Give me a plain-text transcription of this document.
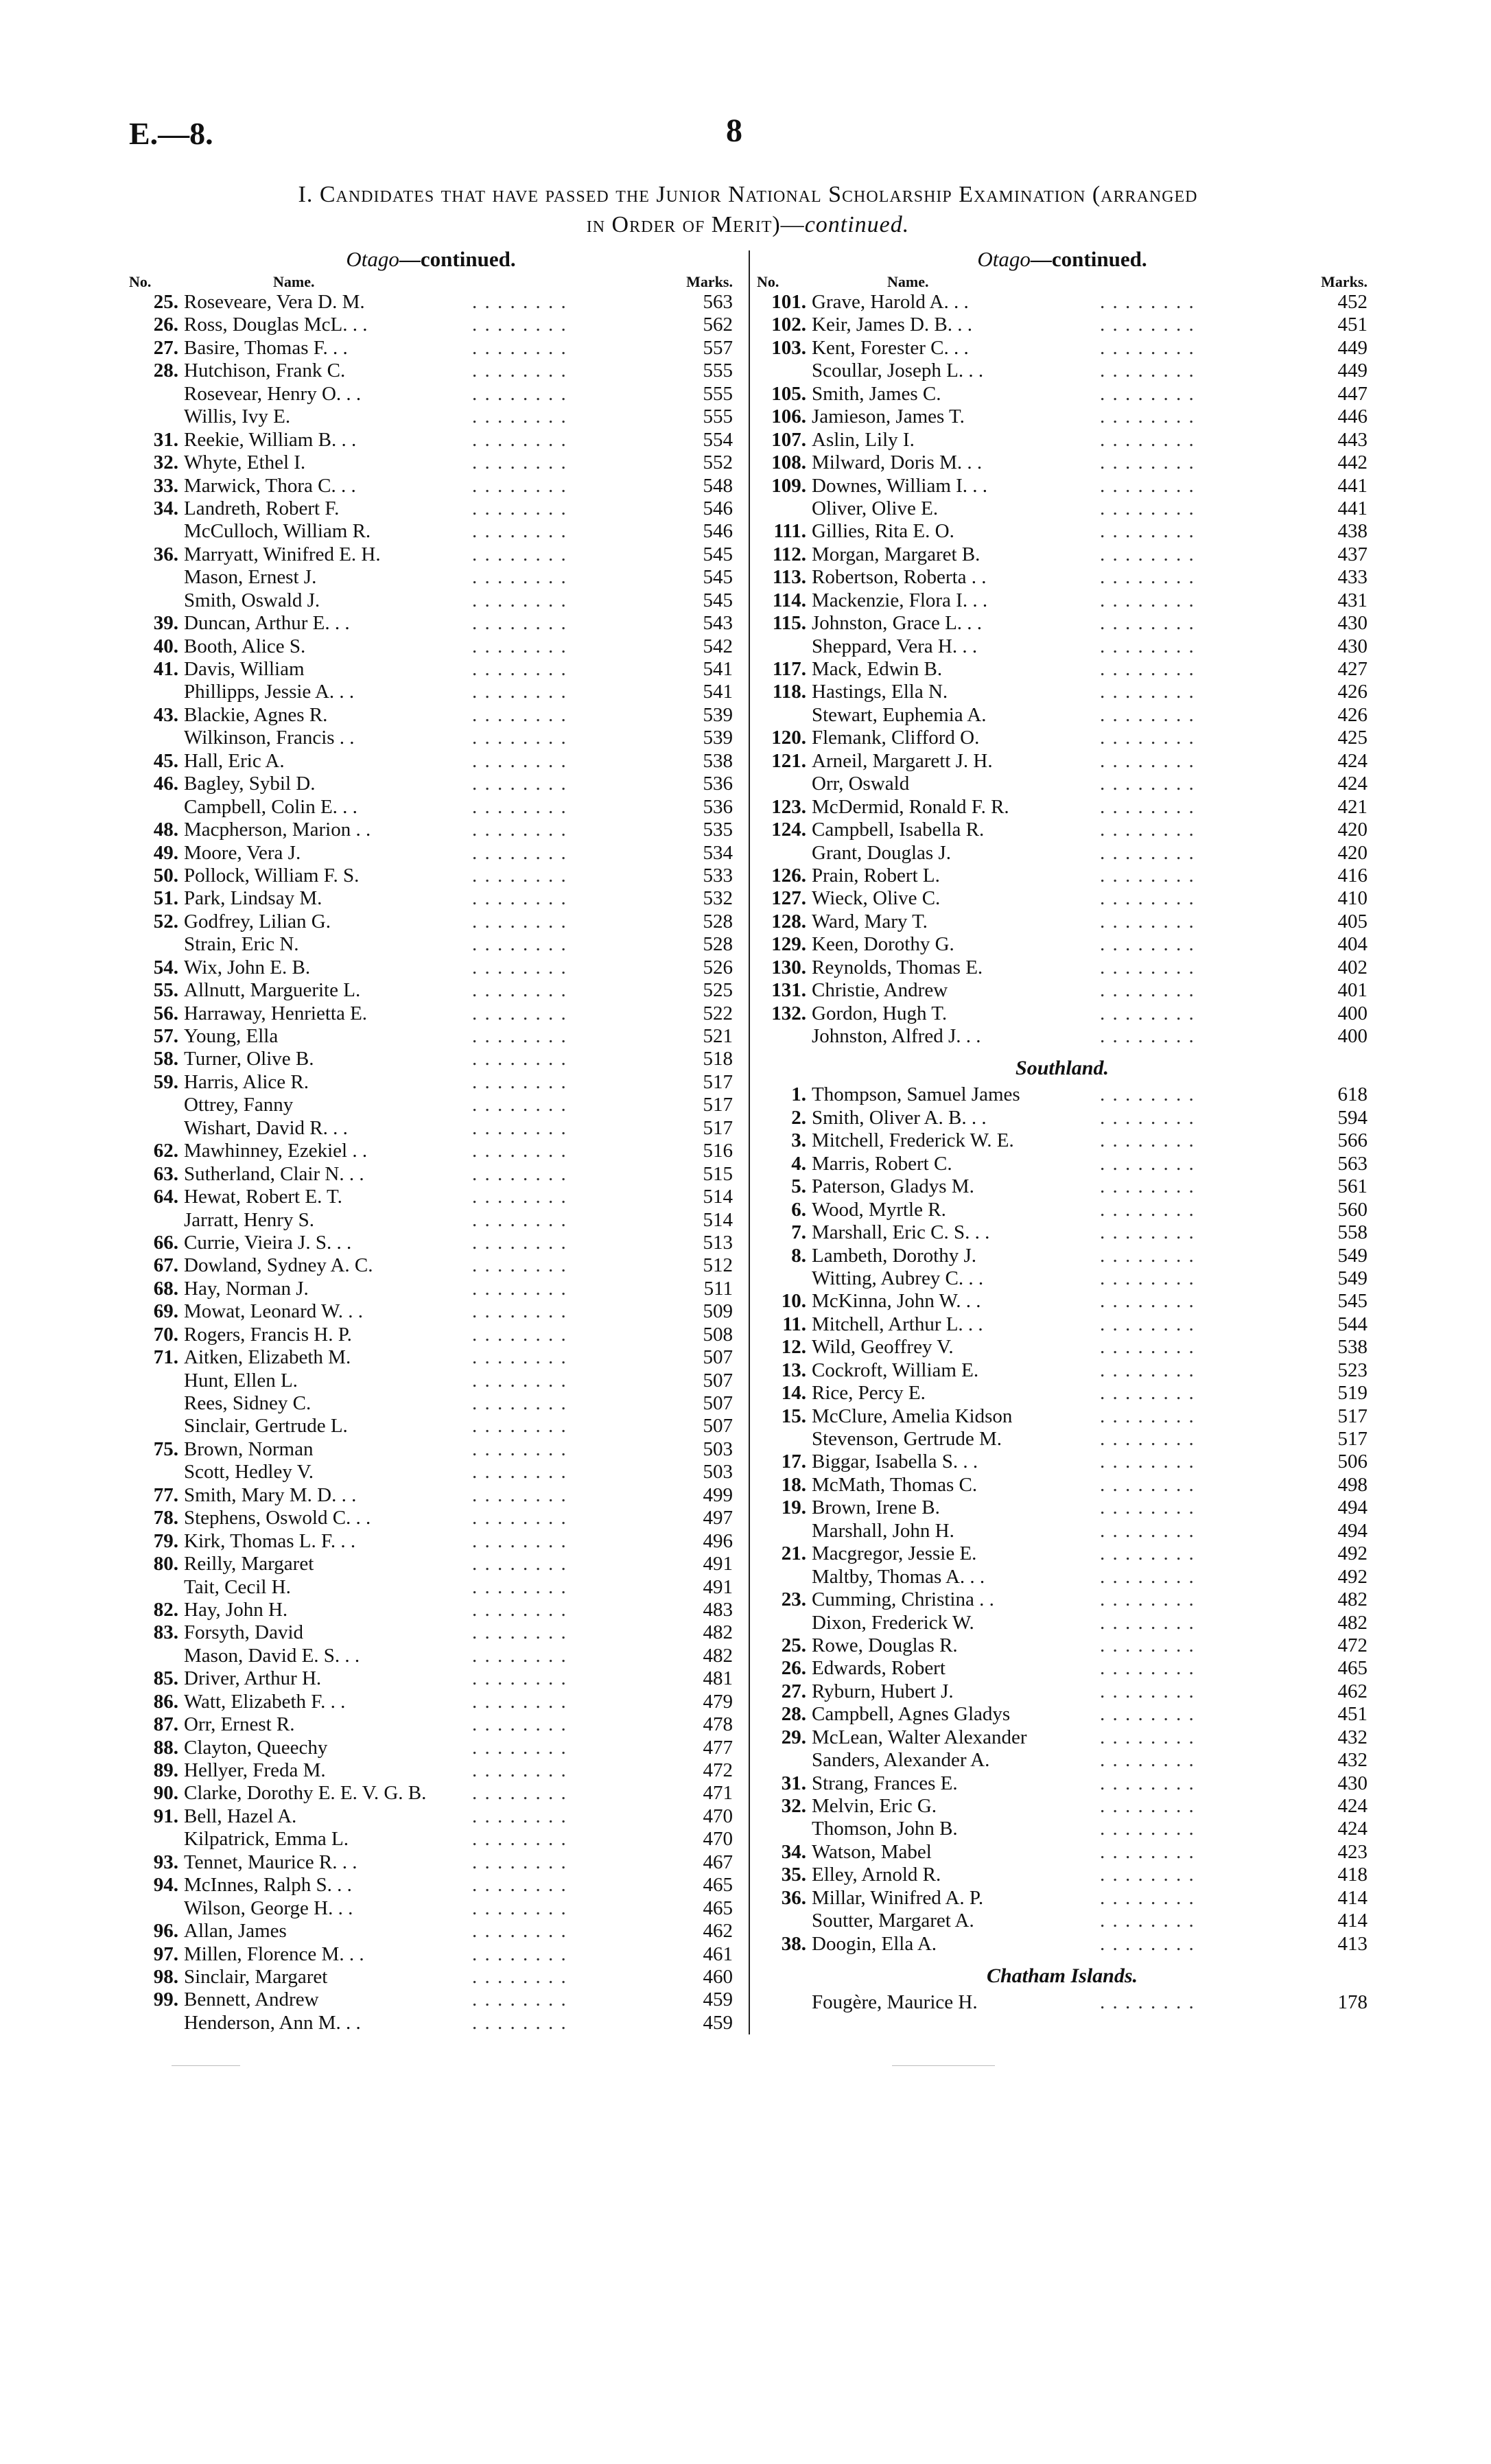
E.—8.	8
I. Candidates that have passed the Junior National Scholarship Examination (arranged
in Order of Merit)—continued.
Otago—continued.
No.	Name.	Marks.
25. Roseveare, Vera D. M.	. . . . . . . .	563
26. Ross, Douglas McL. . .	. . . . . . . .	562
27. Basire, Thomas F. . .	. . . . . . . .	557
28. Hutchison, Frank C.	. . . . . . . .	555
Rosevear, Henry O. . .	. . . . . . . .	555
Willis, Ivy E.	. . . . . . . .	555
31. Reekie, William B. . .	. . . . . . . .	554
32. Whyte, Ethel I.	. . . . . . . .	552
33. Marwick, Thora C. . .	. . . . . . . .	548
34. Landreth, Robert F.	. . . . . . . .	546
McCulloch, William R.	. . . . . . . .	546
36. Marryatt, Winifred E. H.	. . . . . . . .	545
Mason, Ernest J.	. . . . . . . .	545
Smith, Oswald J.	. . . . . . . .	545
39. Duncan, Arthur E. . .	. . . . . . . .	543
40. Booth, Alice S.	. . . . . . . .	542
41. Davis, William	. . . . . . . .	541
Phillipps, Jessie A. . .	. . . . . . . .	541
43. Blackie, Agnes R.	. . . . . . . .	539
Wilkinson, Francis . .	. . . . . . . .	539
45. Hall, Eric A.	. . . . . . . .	538
46. Bagley, Sybil D.	. . . . . . . .	536
Campbell, Colin E. . .	. . . . . . . .	536
48. Macpherson, Marion . .	. . . . . . . .	535
49. Moore, Vera J.	. . . . . . . .	534
50. Pollock, William F. S.	. . . . . . . .	533
51. Park, Lindsay M.	. . . . . . . .	532
52. Godfrey, Lilian G.	. . . . . . . .	528
Strain, Eric N.	. . . . . . . .	528
54. Wix, John E. B.	. . . . . . . .	526
55. Allnutt, Marguerite L.	. . . . . . . .	525
56. Harraway, Henrietta E.	. . . . . . . .	522
57. Young, Ella	. . . . . . . .	521
58. Turner, Olive B.	. . . . . . . .	518
59. Harris, Alice R.	. . . . . . . .	517
Ottrey, Fanny	. . . . . . . .	517
Wishart, David R. . .	. . . . . . . .	517
62. Mawhinney, Ezekiel . .	. . . . . . . .	516
63. Sutherland, Clair N. . .	. . . . . . . .	515
64. Hewat, Robert E. T.	. . . . . . . .	514
Jarratt, Henry S.	. . . . . . . .	514
66. Currie, Vieira J. S. . .	. . . . . . . .	513
67. Dowland, Sydney A. C.	. . . . . . . .	512
68. Hay, Norman J.	. . . . . . . .	511
69. Mowat, Leonard W. . .	. . . . . . . .	509
70. Rogers, Francis H. P.	. . . . . . . .	508
71. Aitken, Elizabeth M.	. . . . . . . .	507
Hunt, Ellen L.	. . . . . . . .	507
Rees, Sidney C.	. . . . . . . .	507
Sinclair, Gertrude L.	. . . . . . . .	507
75. Brown, Norman	. . . . . . . .	503
Scott, Hedley V.	. . . . . . . .	503
77. Smith, Mary M. D. . .	. . . . . . . .	499
78. Stephens, Oswold C. . .	. . . . . . . .	497
79. Kirk, Thomas L. F. . .	. . . . . . . .	496
80. Reilly, Margaret	. . . . . . . .	491
Tait, Cecil H.	. . . . . . . .	491
82. Hay, John H.	. . . . . . . .	483
83. Forsyth, David	. . . . . . . .	482
Mason, David E. S. . .	. . . . . . . .	482
85. Driver, Arthur H.	. . . . . . . .	481
86. Watt, Elizabeth F. . .	. . . . . . . .	479
87. Orr, Ernest R.	. . . . . . . .	478
88. Clayton, Queechy	. . . . . . . .	477
89. Hellyer, Freda M.	. . . . . . . .	472
90. Clarke, Dorothy E. E. V. G. B. . . . . . . . .	471
91. Bell, Hazel A.	. . . . . . . .	470
Kilpatrick, Emma L.	. . . . . . . .	470
93. Tennet, Maurice R. . .	. . . . . . . .	467
94. McInnes, Ralph S. . .	. . . . . . . .	465
Wilson, George H. . .	. . . . . . . .	465
96. Allan, James	. . . . . . . .	462
97. Millen, Florence M. . .	. . . . . . . .	461
98. Sinclair, Margaret	. . . . . . . .	460
99. Bennett, Andrew	. . . . . . . .	459
Henderson, Ann M. . .	. . . . . . . .	459
Otago—continued.
No.	Name.	Marks.
101. Grave, Harold A. . .	. . . . . . . .	452
102. Keir, James D. B. . .	. . . . . . . .	451
103. Kent, Forester C. . .	. . . . . . . .	449
Scoullar, Joseph L. . .	. . . . . . . .	449
105. Smith, James C.	. . . . . . . .	447
106. Jamieson, James T.	. . . . . . . .	446
107. Aslin, Lily I.	. . . . . . . .	443
108. Milward, Doris M. . .	. . . . . . . .	442
109. Downes, William I. . .	. . . . . . . .	441
Oliver, Olive E.	. . . . . . . .	441
111. Gillies, Rita E. O.	. . . . . . . .	438
112. Morgan, Margaret B.	. . . . . . . .	437
113. Robertson, Roberta . .	. . . . . . . .	433
114. Mackenzie, Flora I. . .	. . . . . . . .	431
115. Johnston, Grace L. . .	. . . . . . . .	430
Sheppard, Vera H. . .	. . . . . . . .	430
117. Mack, Edwin B.	. . . . . . . .	427
118. Hastings, Ella N.	. . . . . . . .	426
Stewart, Euphemia A.	. . . . . . . .	426
120. Flemank, Clifford O.	. . . . . . . .	425
121. Arneil, Margarett J. H.	. . . . . . . .	424
Orr, Oswald	. . . . . . . .	424
123. McDermid, Ronald F. R.	. . . . . . . .	421
124. Campbell, Isabella R.	. . . . . . . .	420
Grant, Douglas J.	. . . . . . . .	420
126. Prain, Robert L.	. . . . . . . .	416
127. Wieck, Olive C.	. . . . . . . .	410
128. Ward, Mary T.	. . . . . . . .	405
129. Keen, Dorothy G.	. . . . . . . .	404
130. Reynolds, Thomas E.	. . . . . . . .	402
131. Christie, Andrew	. . . . . . . .	401
132. Gordon, Hugh T.	. . . . . . . .	400
Johnston, Alfred J. . .	. . . . . . . .	400
Southland.
1. Thompson, Samuel James	. . . . . . . .	618
2. Smith, Oliver A. B. . .	. . . . . . . .	594
3. Mitchell, Frederick W. E.	. . . . . . . .	566
4. Marris, Robert C.	. . . . . . . .	563
5. Paterson, Gladys M.	. . . . . . . .	561
6. Wood, Myrtle R.	. . . . . . . .	560
7. Marshall, Eric C. S. . .	. . . . . . . .	558
8. Lambeth, Dorothy J.	. . . . . . . .	549
Witting, Aubrey C. . .	. . . . . . . .	549
10. McKinna, John W. . .	. . . . . . . .	545
11. Mitchell, Arthur L. . .	. . . . . . . .	544
12. Wild, Geoffrey V.	. . . . . . . .	538
13. Cockroft, William E.	. . . . . . . .	523
14. Rice, Percy E.	. . . . . . . .	519
15. McClure, Amelia Kidson	. . . . . . . .	517
Stevenson, Gertrude M.	. . . . . . . .	517
17. Biggar, Isabella S. . .	. . . . . . . .	506
18. McMath, Thomas C.	. . . . . . . .	498
19. Brown, Irene B.	. . . . . . . .	494
Marshall, John H.	. . . . . . . .	494
21. Macgregor, Jessie E.	. . . . . . . .	492
Maltby, Thomas A. . .	. . . . . . . .	492
23. Cumming, Christina . .	. . . . . . . .	482
Dixon, Frederick W.	. . . . . . . .	482
25. Rowe, Douglas R.	. . . . . . . .	472
26. Edwards, Robert	. . . . . . . .	465
27. Ryburn, Hubert J.	. . . . . . . .	462
28. Campbell, Agnes Gladys	. . . . . . . .	451
29. McLean, Walter Alexander	. . . . . . . .	432
Sanders, Alexander A.	. . . . . . . .	432
31. Strang, Frances E.	. . . . . . . .	430
32. Melvin, Eric G.	. . . . . . . .	424
Thomson, John B.	. . . . . . . .	424
34. Watson, Mabel	. . . . . . . .	423
35. Elley, Arnold R.	. . . . . . . .	418
36. Millar, Winifred A. P.	. . . . . . . .	414
Soutter, Margaret A.	. . . . . . . .	414
38. Doogin, Ella A.	. . . . . . . .	413
Chatham Islands.
Fougère, Maurice H.	. . . . . . . .	178
